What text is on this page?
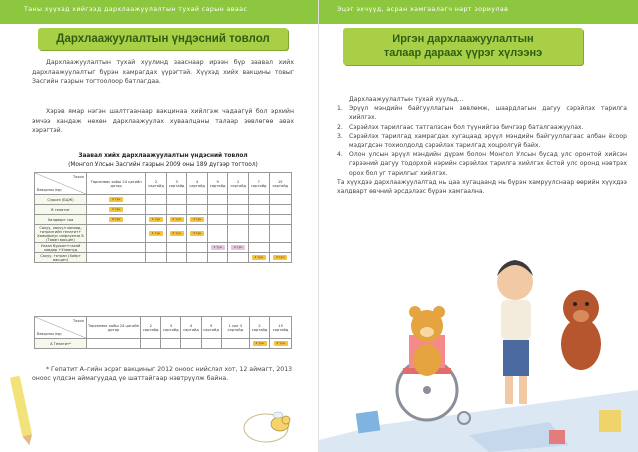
Таны хүүхэд хийгээд дархлаажуулалтын тухай сарын аваас
Дархлаажуулалтын үндэсний товлол

Дархлаажуулалтын тухай хуулинд зааснаар ирээн бүр заавал хийх дархлаажуулалтыг бүрэн хамрагдах үүрэгтэй. Хүүхэд хийх вакцины товыг Засгийн газрын тогтоолоор батлагдаа.

Хэрэв ямар нэгэн шалтгаанаар вакцинаа хийлгэж чадаагүй бол эрхийн эмчээ хандаж нөхөн дархлаажуулах хуваалцаны талаар зөвлөгөө авах хэрэгтэй.

Заавал хийх дархлаажуулалтын үндэсний товлол
(Монгол Улсын Засгийн газрын 2009 оны 189 дүгээр тогтоол)
Тохол
Вакцины нэр	Төрсөнөөс хойш 24 цагийн дотор	2 сартайд	3 сартайд	4 сартайд	9 сартайд	2 сартайд	7 сартайд	15 сартайд
Сүрьеэ (БЦЖ)	1 тун							
В гепатит	1 тун							
Халдварт саа	0 тун	1 тун	2 тун	3 тун				
Сахуу, хөхүүл ханиад, татрангийн гепатит+ Хэмофилус инфлуенза Б (Таван вакцин)		1 тун	2 тун	3 тун				
Улаан бурхан+гахай хавдар +Улаануд					1 тун	2 тун		
Сахуу, татран (Хоёрт вакцин)							1 тун	2 тун
Тохол
Вакцины нэр	Төрсөнөөс хойш 24 цагийн дотор	2 сартайд	3 сартайд	4 сартайд	9 сартайд	1 нас 3 сартайд	2 сартайд	15 сартайд
А Гепатит*							1 тун	2 тун

* Гепатит А–гийн эсрэг вакциныг 2012 оноос нийслэл хот, 12 аймагт, 2013 оноос үлдсэн аймагуудад үе шаттайгаар нэвтрүүлж байна.

Эцэг эхчүүд, асран хамгаалагч нарт зориулав
Иргэн дархлаажуулалтын
талаар дараах үүрэг хүлээнэ
Дархлаажуулалтын тухай хуульд...
1. Эрүүл мэндийн байгууллагын зөвлөмж, шаардлагын дагуу сэрэйлэх тарилга хийлгэх.
2. Сэрэйлэх тарилгаас татгалзсан бол түүнийгээ бичгээр баталгаажуулах.
3. Сэрэйлэх тарилгад хамрагдах хугацаад эрүүл мэндийн байгууллагаас албан ёсоор мэдэгдсэн тохиолдолд сэрэйлэх тарилгад хоцролгүй байх.
4. Олон улсын эрүүл мэндийн дүрэм болон Монгол Улсын бусад улс оронтой хийсэн гэрээний дагуу тодорхой нэрийн сэрэйлэх тарилга хийлгэх ёстой улс оронд нэвтрэх орох бол уг тарилгыг хийлгэх.
Та хүүхдээ дархлаажуулалтад нь цаа хугацаанд нь бүрэн хамруулснаар өөрийн хүүхдээ халдварт өвчний эрсдэлээс бүрэн хамгаална.
